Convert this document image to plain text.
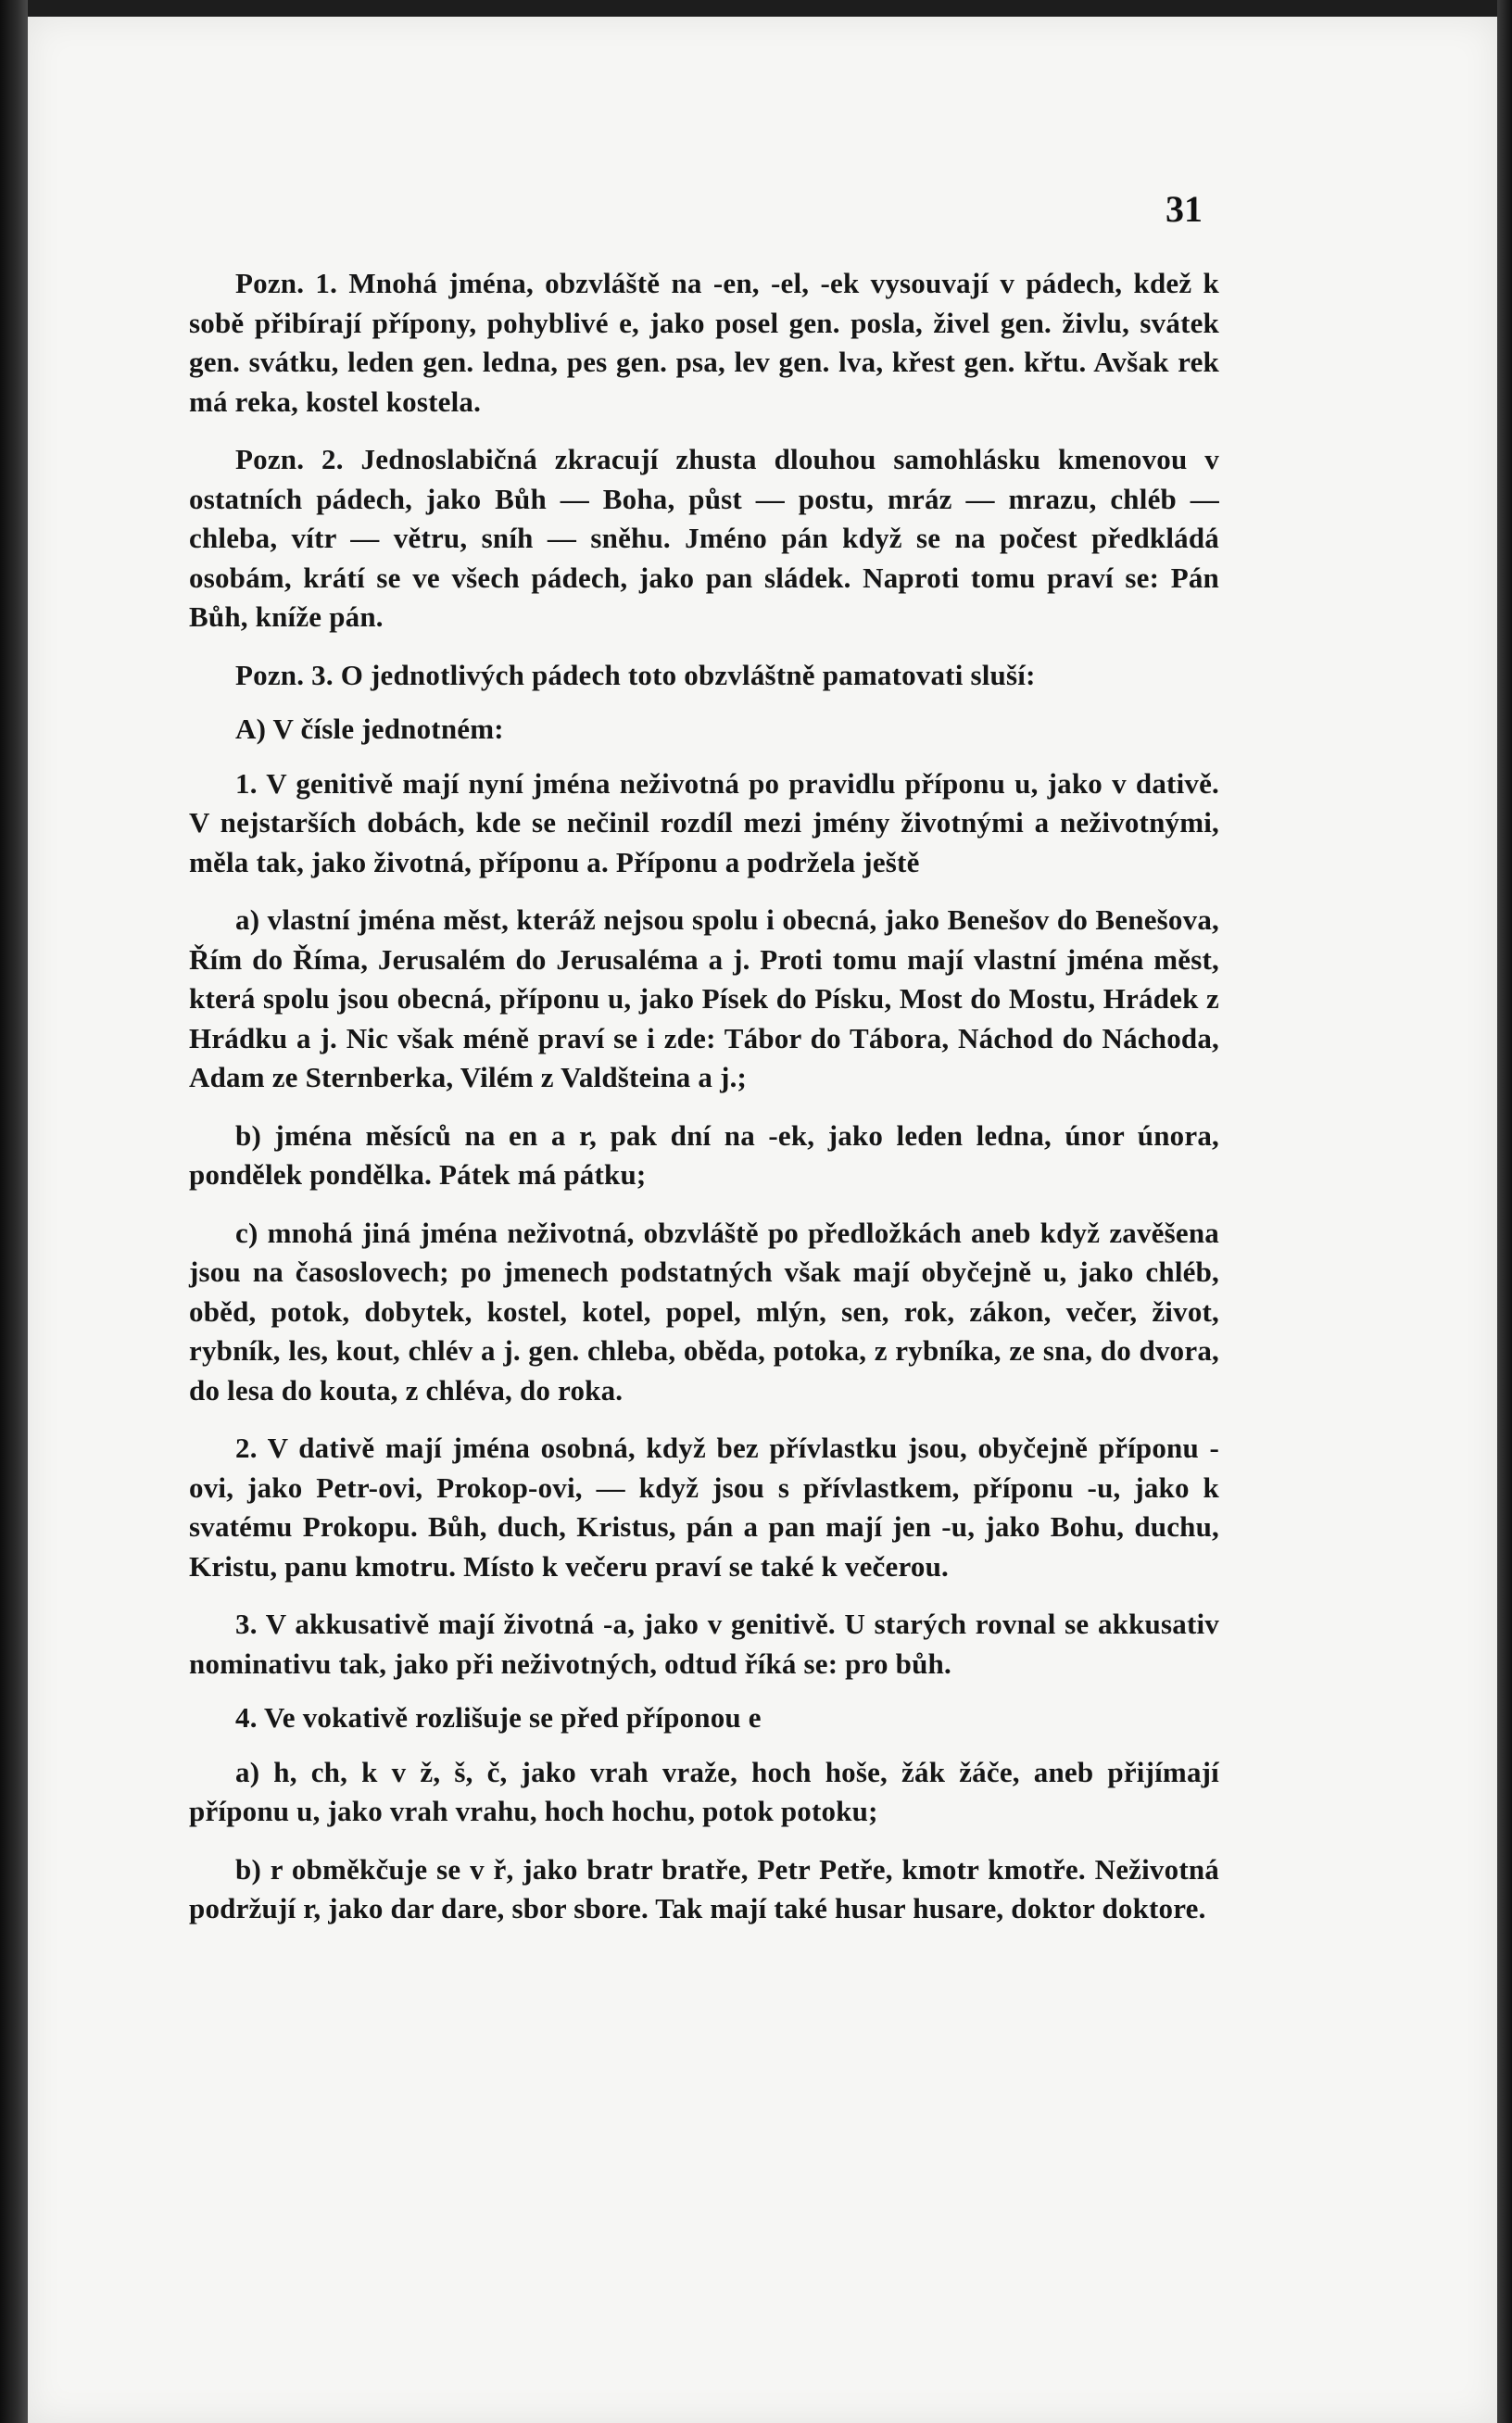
31

Pozn. 1. Mnohá jména, obzvláště na -en, -el, -ek vysouvají v pádech, kdež k sobě přibírají přípony, pohyblivé e, jako posel gen. posla, živel gen. živlu, svátek gen. svátku, leden gen. ledna, pes gen. psa, lev gen. lva, křest gen. křtu. Avšak rek má reka, kostel kostela.

Pozn. 2. Jednoslabičná zkracují zhusta dlouhou samohlásku kmenovou v ostatních pádech, jako Bůh — Boha, půst — postu, mráz — mrazu, chléb — chleba, vítr — větru, sníh — sněhu. Jméno pán když se na počest předkládá osobám, krátí se ve všech pádech, jako pan sládek. Naproti tomu praví se: Pán Bůh, kníže pán.

Pozn. 3. O jednotlivých pádech toto obzvláštně pamatovati sluší:

A) V čísle jednotném:

1. V genitivě mají nyní jména neživotná po pravidlu příponu u, jako v dativě. V nejstarších dobách, kde se nečinil rozdíl mezi jmény životnými a neživotnými, měla tak, jako životná, příponu a. Příponu a podržela ještě

a) vlastní jména měst, kteráž nejsou spolu i obecná, jako Benešov do Benešova, Řím do Říma, Jerusalém do Jerusaléma a j. Proti tomu mají vlastní jména měst, která spolu jsou obecná, příponu u, jako Písek do Písku, Most do Mostu, Hrádek z Hrádku a j. Nic však méně praví se i zde: Tábor do Tábora, Náchod do Náchoda, Adam ze Sternberka, Vilém z Valdšteina a j.;

b) jména měsíců na en a r, pak dní na -ek, jako leden ledna, únor února, pondělek pondělka. Pátek má pátku;

c) mnohá jiná jména neživotná, obzvláště po předložkách aneb když zavěšena jsou na časoslovech; po jmenech podstatných však mají obyčejně u, jako chléb, oběd, potok, dobytek, kostel, kotel, popel, mlýn, sen, rok, zákon, večer, život, rybník, les, kout, chlév a j. gen. chleba, oběda, potoka, z rybníka, ze sna, do dvora, do lesa do kouta, z chléva, do roka.

2. V dativě mají jména osobná, když bez přívlastku jsou, obyčejně příponu -ovi, jako Petr-ovi, Prokop-ovi, — když jsou s přívlastkem, příponu -u, jako k svatému Prokopu. Bůh, duch, Kristus, pán a pan mají jen -u, jako Bohu, duchu, Kristu, panu kmotru. Místo k večeru praví se také k večerou.

3. V akkusativě mají životná -a, jako v genitivě. U starých rovnal se akkusativ nominativu tak, jako při neživotných, odtud říká se: pro bůh.

4. Ve vokativě rozlišuje se před příponou e

a) h, ch, k v ž, š, č, jako vrah vraže, hoch hoše, žák žáče, aneb přijímají příponu u, jako vrah vrahu, hoch hochu, potok potoku;

b) r obměkčuje se v ř, jako bratr bratře, Petr Petře, kmotr kmotře. Neživotná podržují r, jako dar dare, sbor sbore. Tak mají také husar husare, doktor doktore.
